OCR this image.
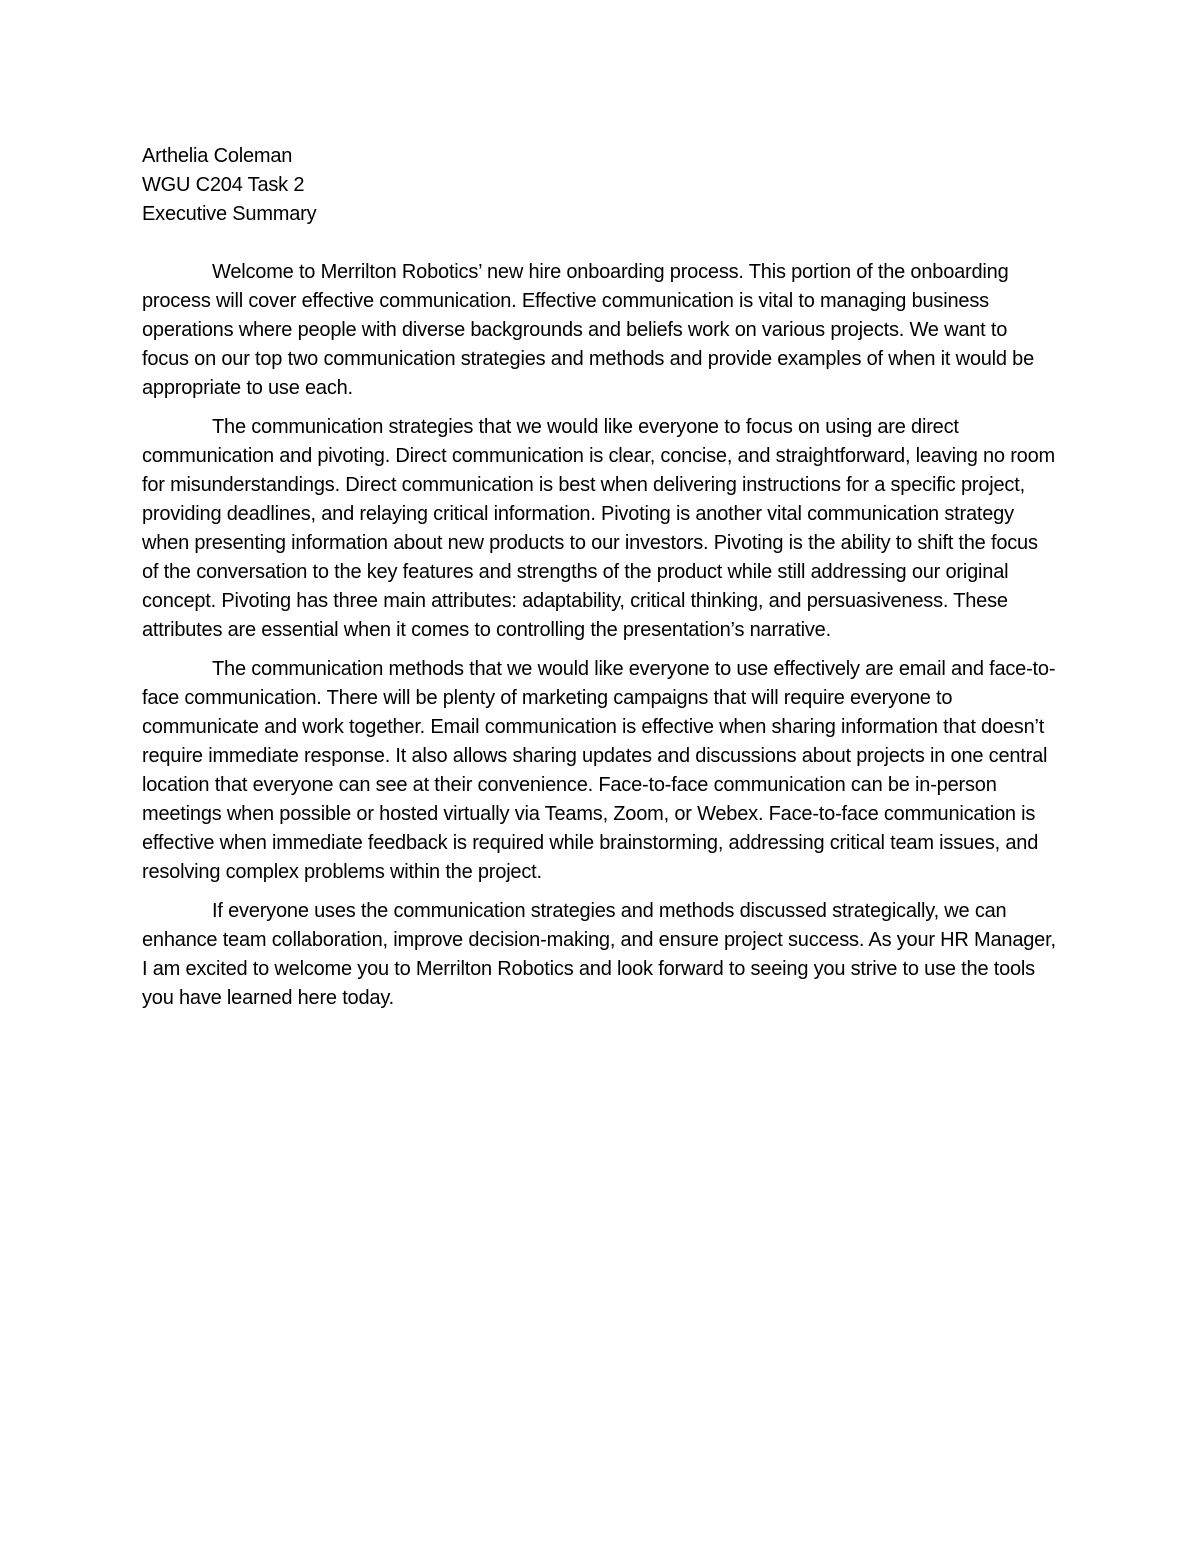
Arthelia Coleman

WGU C204 Task 2

Executive Summary

Welcome to Merrilton Robotics’ new hire onboarding process. This portion of the onboarding process will cover effective communication. Effective communication is vital to managing business operations where people with diverse backgrounds and beliefs work on various projects. We want to focus on our top two communication strategies and methods and provide examples of when it would be appropriate to use each.

The communication strategies that we would like everyone to focus on using are direct communication and pivoting. Direct communication is clear, concise, and straightforward, leaving no room for misunderstandings. Direct communication is best when delivering instructions for a specific project, providing deadlines, and relaying critical information. Pivoting is another vital communication strategy when presenting information about new products to our investors. Pivoting is the ability to shift the focus of the conversation to the key features and strengths of the product while still addressing our original concept. Pivoting has three main attributes: adaptability, critical thinking, and persuasiveness. These attributes are essential when it comes to controlling the presentation’s narrative.

The communication methods that we would like everyone to use effectively are email and face-to-face communication. There will be plenty of marketing campaigns that will require everyone to communicate and work together. Email communication is effective when sharing information that doesn’t require immediate response. It also allows sharing updates and discussions about projects in one central location that everyone can see at their convenience. Face-to-face communication can be in-person meetings when possible or hosted virtually via Teams, Zoom, or Webex. Face-to-face communication is effective when immediate feedback is required while brainstorming, addressing critical team issues, and resolving complex problems within the project.

If everyone uses the communication strategies and methods discussed strategically, we can enhance team collaboration, improve decision-making, and ensure project success. As your HR Manager, I am excited to welcome you to Merrilton Robotics and look forward to seeing you strive to use the tools you have learned here today.
